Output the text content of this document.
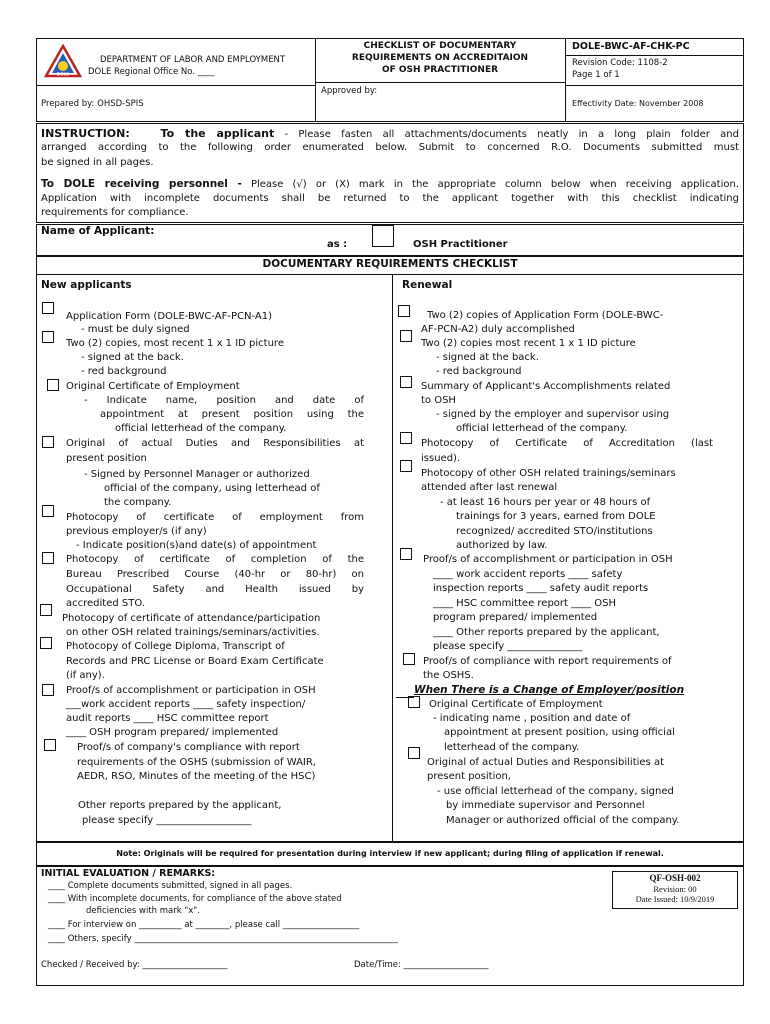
DOLE
DEPARTMENT OF LABOR AND EMPLOYMENT
DOLE Regional Office No. ____
CHECKLIST OF DOCUMENTARY
REQUIREMENTS ON ACCREDITAION
OF OSH PRACTITIONER
DOLE-BWC-AF-CHK-PC
Revision Code: 1108-2
Page 1 of 1
Prepared by: OHSD-SPIS
Approved by:
Effectivity Date: November 2008
INSTRUCTION:	To the applicant - Please fasten all attachments/documents neatly in a long plain folder and
arranged according to the following order enumerated below. Submit to concerned R.O. Documents submitted must
be signed in all pages.
To DOLE receiving personnel - Please (√) or (X) mark in the appropriate column below when receiving application.
Application with incomplete documents shall be returned to the applicant together with this checklist indicating
requirements for compliance.
Name of Applicant:
as :	OSH Practitioner
DOCUMENTARY REQUIREMENTS CHECKLIST
New applicants	Renewal
Application Form (DOLE-BWC-AF-PCN-A1)
- must be duly signed
Two (2) copies, most recent 1 x 1 ID picture
- signed at the back.
- red background
Original Certificate of Employment
- Indicate name, position and date of
appointment at present position using the
official letterhead of the company.
Original of actual Duties and Responsibilities at
present position
- Signed by Personnel Manager or authorized
official of the company, using letterhead of
the company.
Photocopy of certificate of employment from
previous employer/s (if any)
- Indicate position(s)and date(s) of appointment
Photocopy of certificate of completion of the
Bureau Prescribed Course (40-hr or 80-hr) on
Occupational Safety and Health issued by
accredited STO.
Photocopy of certificate of attendance/participation
on other OSH related trainings/seminars/activities.
Photocopy of College Diploma, Transcript of
Records and PRC License or Board Exam Certificate
(if any).
Proof/s of accomplishment or participation in OSH
___work accident reports ____ safety inspection/
audit reports ____ HSC committee report
____ OSH program prepared/ implemented
Proof/s of company's compliance with report
requirements of the OSHS (submission of WAIR,
AEDR, RSO, Minutes of the meeting of the HSC)
Other reports prepared by the applicant,
please specify ___________________
Two (2) copies of Application Form (DOLE-BWC-
AF-PCN-A2) duly accomplished
Two (2) copies most recent 1 x 1 ID picture
- signed at the back.
- red background
Summary of Applicant's Accomplishments related
to OSH
- signed by the employer and supervisor using
official letterhead of the company.
Photocopy of Certificate of Accreditation (last
issued).
Photocopy of other OSH related trainings/seminars
attended after last renewal
- at least 16 hours per year or 48 hours of
trainings for 3 years, earned from DOLE
recognized/ accredited STO/institutions
authorized by law.
Proof/s of accomplishment or participation in OSH
____ work accident reports ____ safety
inspection reports ____ safety audit reports
____ HSC committee report ____ OSH
program prepared/ implemented
____ Other reports prepared by the applicant,
please specify _______________
Proof/s of compliance with report requirements of
the OSHS.
When There is a Change of Employer/position
Original Certificate of Employment
- indicating name , position and date of
appointment at present position, using official
letterhead of the company.
Original of actual Duties and Responsibilities at
present position,
- use official letterhead of the company, signed
by immediate supervisor and Personnel
Manager or authorized official of the company.
Note: Originals will be required for presentation during interview if new applicant; during filing of application if renewal.
INITIAL EVALUATION / REMARKS:
____ Complete documents submitted, signed in all pages.
____ With incomplete documents, for compliance of the above stated
deficiencies with mark "x".
____ For interview on __________ at ________, please call __________________
____ Others, specify ______________________________________________________________
Checked / Received by: ____________________	Date/Time: ____________________
QF-OSH-002
Revision: 00
Date Issued: 10/9/2019
